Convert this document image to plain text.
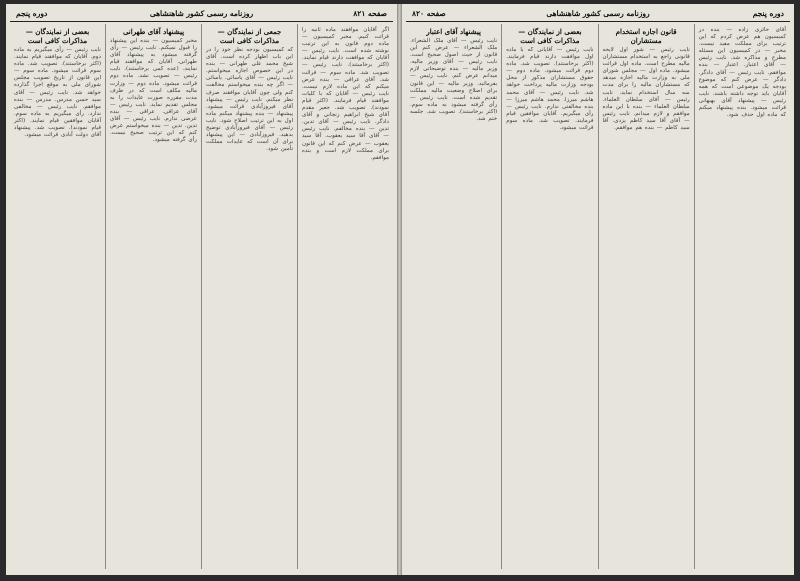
صفحه ۸۲۱
روزنامه رسمی کشور شاهنشاهی
دوره پنجم
اگر آقایان موافقند ماده ثانیه را قرائت کنیم. مخبر کمیسیون — ماده دوم قانون به این ترتیب نوشته شده است. نایب رئیس — آقایان که موافقت دارند قیام نمایند. (اکثر برخاستند). نایب رئیس — تصویب شد. ماده سوم — قرائت شد. آقای عراقی — بنده عرض میکنم که این ماده لازم نیست. نایب رئیس — آقایان که با کلیات موافقند قیام فرمایند. (اکثر قیام نمودند). تصویب شد. جعیر مقدم آقای شیخ ابراهیم زنجانی و آقای دادگر. نایب رئیس — آقای تدین. تدین — بنده مخالفم. نایب رئیس — آقای آقا سید یعقوب. آقا سید یعقوب — عرض کنم که این قانون برای مملکت لازم است و بنده موافقم.
جمعی از نمایندگان — مذاکرات کافی است
که کمیسیون بودجه نظر خود را در این باب اظهار کرده است. آقای شیخ محمد علی طهرانی — بنده در این خصوص اجازه میخواستم. نایب رئیس — آقای یاسائی. یاسائی — اگر چه بنده میخواستم مخالفت کنم ولی چون آقایان موافقند صرف نظر میکنم. نایب رئیس — پیشنهاد آقای فیروزآبادی قرائت میشود. پیشنهاد — بنده پیشنهاد میکنم ماده اول به این ترتیب اصلاح شود. نایب رئیس — آقای فیروزآبادی توضیح بدهید. فیروزآبادی — این پیشنهاد برای آن است که عایدات مملکت تأمین شود.
پیشنهاد آقای طهرانی
مخبر کمیسیون — بنده این پیشنهاد را قبول نمیکنم. نایب رئیس — رأی گرفته میشود به پیشنهاد آقای طهرانی. آقایان که موافقند قیام نمایند. (عده کمی برخاستند). نایب رئیس — تصویب نشد. ماده دوم قرائت میشود. ماده دوم — وزارت مالیه مکلف است که در ظرف مدت مقرره صورت عایدات را به مجلس تقدیم نماید. نایب رئیس — آقای عراقی. عراقی — بنده عرضی ندارم. نایب رئیس — آقای تدین. تدین — بنده میخواستم عرض کنم که این ترتیب صحیح نیست. رأی گرفته میشود.
بعضی از نمایندگان — مذاکرات کافی است
نایب رئیس — رأی میگیریم به ماده دوم. آقایان که موافقند قیام نمایند. (اکثر برخاستند). تصویب شد. ماده سوم قرائت میشود. ماده سوم — این قانون از تاریخ تصویب مجلس شورای ملی به موقع اجرا گذارده خواهد شد. نایب رئیس — آقای سید حسن مدرس. مدرس — بنده موافقم. نایب رئیس — مخالفی ندارد. رأی میگیریم به ماده سوم. آقایان موافقین قیام نمایند. (اکثر قیام نمودند). تصویب شد. پیشنهاد آقای دولت آبادی قرائت میشود.
صفحه ۸۲۰	روزنامه رسمی کشور شاهنشاهی	دوره پنجم
آقای حائری زاده — بنده در کمیسیون هم عرض کردم که این ترتیب برای مملکت مفید نیست. مخبر — در کمیسیون این مسئله مطرح و مذاکره شد. نایب رئیس — آقای اعتبار. اعتبار — بنده موافقم. نایب رئیس — آقای دادگر. دادگر — عرض کنم که موضوع بودجه یک موضوعی است که همه آقایان باید توجه داشته باشند. نایب رئیس — پیشنهاد آقای بهبهانی قرائت میشود. بنده پیشنهاد میکنم که ماده اول حذف شود.
قانون اجازه استخدام مستشاران
نایب رئیس — شور اول لایحه قانونی راجع به استخدام مستشاران مالیه مطرح است. ماده اول قرائت میشود. ماده اول — مجلس شورای ملی به وزارت مالیه اجازه میدهد که مستشاران مالیه را برای مدت سه سال استخدام نماید. نایب رئیس — آقای سلطان العلماء. سلطان العلماء — بنده با این ماده موافقم و لازم میدانم. نایب رئیس — آقای آقا سید کاظم یزدی. آقا سید کاظم — بنده هم موافقم.
بعضی از نمایندگان — مذاکرات کافی است
نایب رئیس — آقایانی که با ماده اول موافقت دارند قیام فرمایند. (اکثر برخاستند). تصویب شد. ماده دوم قرائت میشود. ماده دوم — حقوق مستشاران مذکور از محل بودجه وزارت مالیه پرداخت خواهد شد. نایب رئیس — آقای محمد هاشم میرزا. محمد هاشم میرزا — بنده مخالفتی ندارم. نایب رئیس — رأی میگیریم. آقایان موافقین قیام فرمایند. تصویب شد. ماده سوم قرائت میشود.
پیشنهاد آقای اعتبار
نایب رئیس — آقای ملک الشعراء. ملک الشعراء — عرض کنم این قانون از حیث اصول صحیح است. نایب رئیس — آقای وزیر مالیه. وزیر مالیه — بنده توضیحاتی لازم میدانم عرض کنم. نایب رئیس — بفرمائید. وزیر مالیه — این قانون برای اصلاح وضعیت مالیه مملکت تقدیم شده است. نایب رئیس — رأی گرفته میشود به ماده سوم. (اکثر برخاستند). تصویب شد. جلسه ختم شد.
